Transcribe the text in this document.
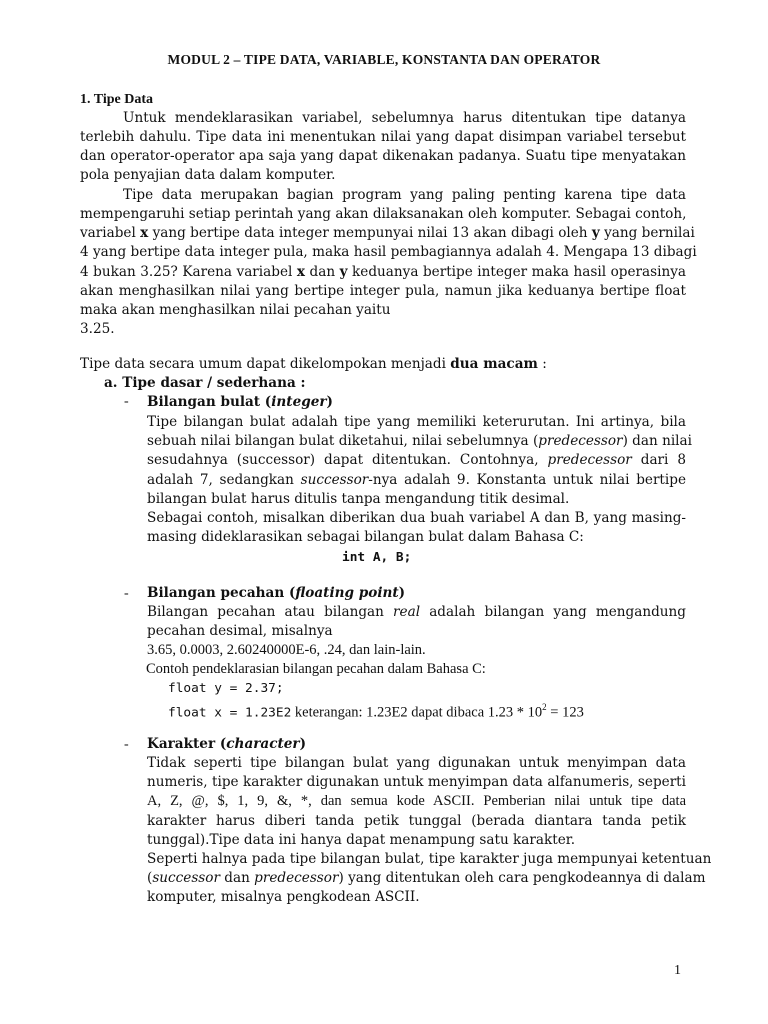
MODUL 2 – TIPE DATA, VARIABLE, KONSTANTA DAN OPERATOR
1. Tipe Data
Untuk mendeklarasikan variabel, sebelumnya harus ditentukan tipe datanya
terlebih dahulu. Tipe data ini menentukan nilai yang dapat disimpan variabel tersebut
dan operator-operator apa saja yang dapat dikenakan padanya. Suatu tipe menyatakan
pola penyajian data dalam komputer.
Tipe data merupakan bagian program yang paling penting karena tipe data
mempengaruhi setiap perintah yang akan dilaksanakan oleh komputer. Sebagai contoh,
variabel x yang bertipe data integer mempunyai nilai 13 akan dibagi oleh y yang bernilai
4 yang bertipe data integer pula, maka hasil pembagiannya adalah 4. Mengapa 13 dibagi
4 bukan 3.25? Karena variabel x dan y keduanya bertipe integer maka hasil operasinya
akan menghasilkan nilai yang bertipe integer pula, namun jika keduanya bertipe float
maka akan menghasilkan nilai pecahan yaitu
3.25.
Tipe data secara umum dapat dikelompokan menjadi dua macam :
a. Tipe dasar / sederhana :
- Bilangan bulat (integer)
Tipe bilangan bulat adalah tipe yang memiliki keterurutan. Ini artinya, bila
sebuah nilai bilangan bulat diketahui, nilai sebelumnya (predecessor) dan nilai
sesudahnya (successor) dapat ditentukan. Contohnya, predecessor dari 8
adalah 7, sedangkan successor-nya adalah 9. Konstanta untuk nilai bertipe
bilangan bulat harus ditulis tanpa mengandung titik desimal.
Sebagai contoh, misalkan diberikan dua buah variabel A dan B, yang masing-
masing dideklarasikan sebagai bilangan bulat dalam Bahasa C:
int A, B;
- Bilangan pecahan (floating point)
Bilangan pecahan atau bilangan real adalah bilangan yang mengandung
pecahan desimal, misalnya
3.65, 0.0003, 2.60240000E-6, .24, dan lain-lain.
Contoh pendeklarasian bilangan pecahan dalam Bahasa C:
float y = 2.37;
float x = 1.23E2 keterangan: 1.23E2 dapat dibaca $1.23 * 10^2 = 123$
- Karakter (character)
Tidak seperti tipe bilangan bulat yang digunakan untuk menyimpan data
numeris, tipe karakter digunakan untuk menyimpan data alfanumeris, seperti
A, Z, @, $, 1, 9, &, *, dan semua kode ASCII. Pemberian nilai untuk tipe data
karakter harus diberi tanda petik tunggal (berada diantara tanda petik
tunggal).Tipe data ini hanya dapat menampung satu karakter.
Seperti halnya pada tipe bilangan bulat, tipe karakter juga mempunyai ketentuan
(successor dan predecessor) yang ditentukan oleh cara pengkodeannya di dalam
komputer, misalnya pengkodean ASCII.
1
